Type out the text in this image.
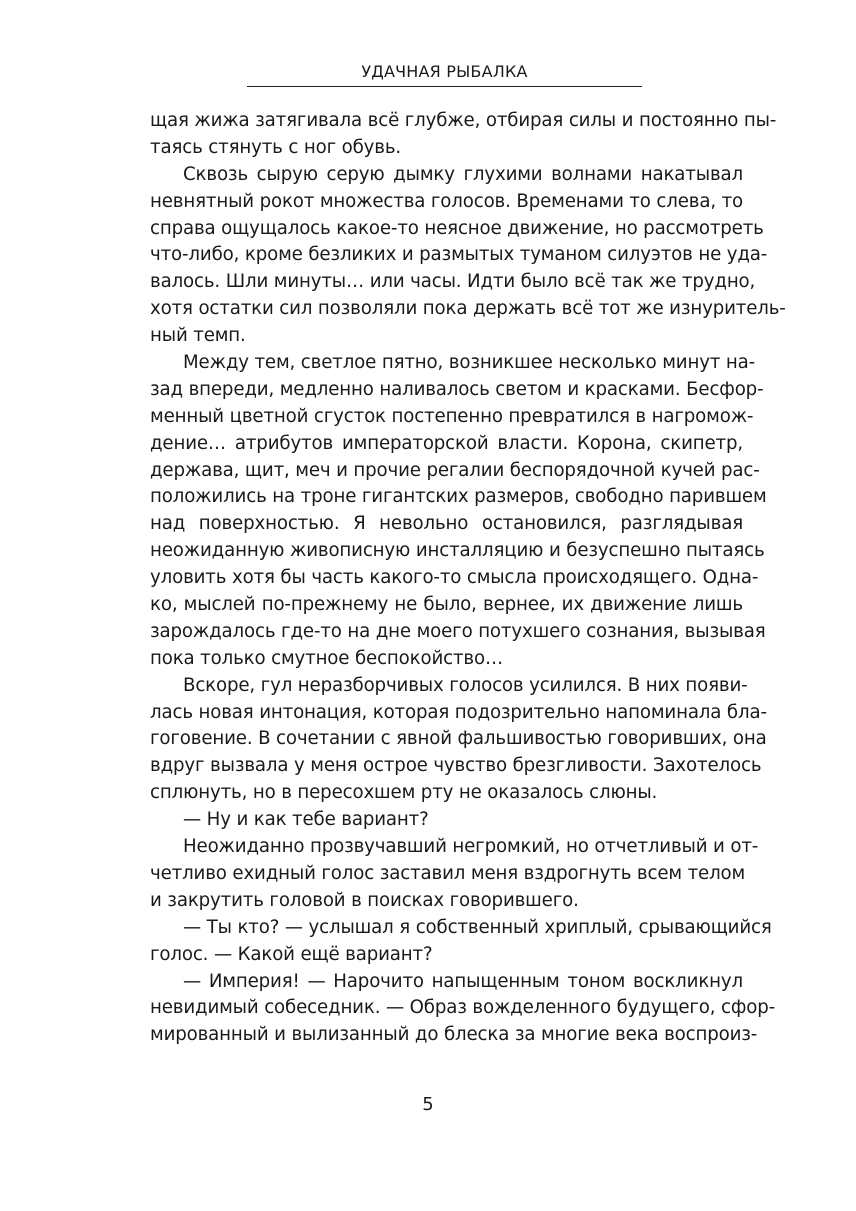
УДАЧНАЯ РЫБАЛКА
щая жижа затягивала всё глубже, отбирая силы и постоянно пы-
таясь стянуть с ног обувь.
Сквозь сырую серую дымку глухими волнами накатывал
невнятный рокот множества голосов. Временами то слева, то
справа ощущалось какое-то неясное движение, но рассмотреть
что-либо, кроме безликих и размытых туманом силуэтов не уда-
валось. Шли минуты… или часы. Идти было всё так же трудно,
хотя остатки сил позволяли пока держать всё тот же изнуритель-
ный темп.
Между тем, светлое пятно, возникшее несколько минут на-
зад впереди, медленно наливалось светом и красками. Бесфор-
менный цветной сгусток постепенно превратился в нагромож-
дение… атрибутов императорской власти. Корона, скипетр,
держава, щит, меч и прочие регалии беспорядочной кучей рас-
положились на троне гигантских размеров, свободно парившем
над поверхностью. Я невольно остановился, разглядывая
неожиданную живописную инсталляцию и безуспешно пытаясь
уловить хотя бы часть какого-то смысла происходящего. Одна-
ко, мыслей по-прежнему не было, вернее, их движение лишь
зарождалось где-то на дне моего потухшего сознания, вызывая
пока только смутное беспокойство…
Вскоре, гул неразборчивых голосов усилился. В них появи-
лась новая интонация, которая подозрительно напоминала бла-
гоговение. В сочетании с явной фальшивостью говоривших, она
вдруг вызвала у меня острое чувство брезгливости. Захотелось
сплюнуть, но в пересохшем рту не оказалось слюны.
— Ну и как тебе вариант?
Неожиданно прозвучавший негромкий, но отчетливый и от-
четливо ехидный голос заставил меня вздрогнуть всем телом
и закрутить головой в поисках говорившего.
— Ты кто? — услышал я собственный хриплый, срывающийся
голос. — Какой ещё вариант?
— Империя! — Нарочито напыщенным тоном воскликнул
невидимый собеседник. — Образ вожделенного будущего, сфор-
мированный и вылизанный до блеска за многие века воспроиз-
5
